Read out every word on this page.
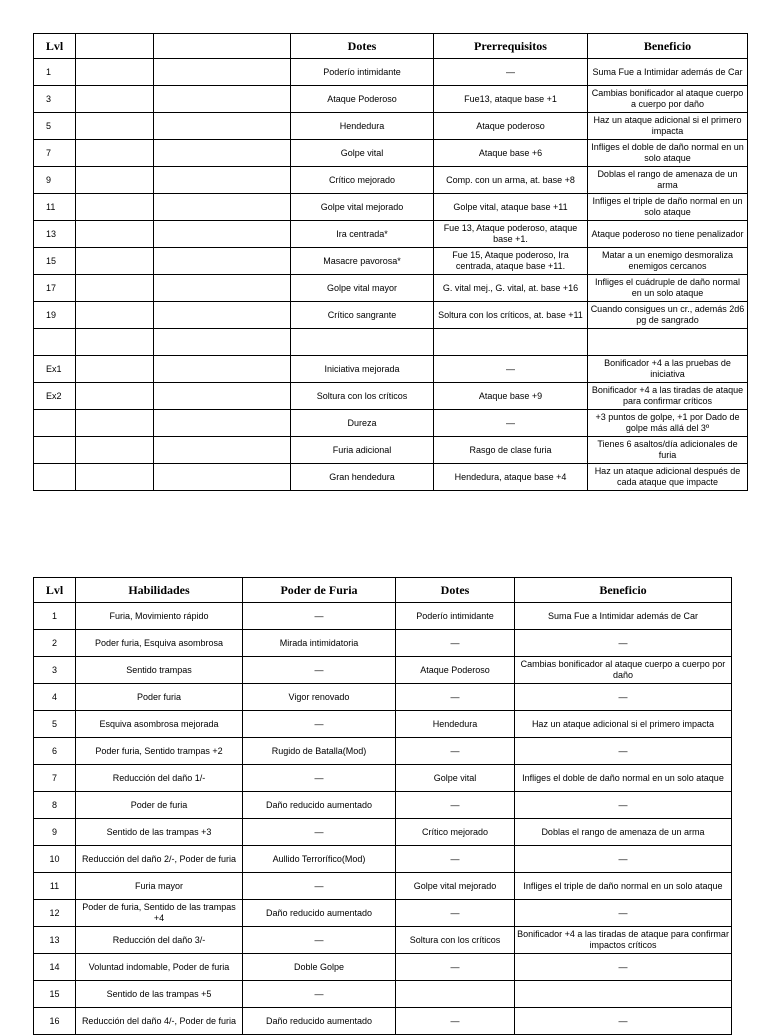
Lvl			Dotes	Prerrequisitos	Beneficio
1			Poderío intimidante	—	Suma Fue a Intimidar además de Car
3			Ataque Poderoso	Fue13, ataque base +1	Cambias bonificador al ataque cuerpo a cuerpo por daño
5			Hendedura	Ataque poderoso	Haz un ataque adicional si el primero impacta
7			Golpe vital	Ataque base +6	Infliges el doble de daño normal en un solo ataque
9			Crítico mejorado	Comp. con un arma, at. base +8	Doblas el rango de amenaza de un arma
11			Golpe vital mejorado	Golpe vital, ataque base +11	Infliges el triple de daño normal en un solo ataque
13			Ira centrada*	Fue 13, Ataque poderoso, ataque base +1.	Ataque poderoso no tiene penalizador
15			Masacre pavorosa*	Fue 15, Ataque poderoso, Ira centrada, ataque base +11.	Matar a un enemigo desmoraliza enemigos cercanos
17			Golpe vital mayor	G. vital mej., G. vital, at. base +16	Infliges el cuádruple de daño normal en un solo ataque
19			Crítico sangrante	Soltura con los críticos, at. base +11	Cuando consigues un cr., además 2d6 pg de sangrado

Ex1			Iniciativa mejorada	—	Bonificador +4 a las pruebas de iniciativa
Ex2			Soltura con los críticos	Ataque base +9	Bonificador +4 a las tiradas de ataque para confirmar críticos
			Dureza	—	+3 puntos de golpe, +1 por Dado de golpe más allá del 3º
			Furia adicional	Rasgo de clase furia	Tienes 6 asaltos/día adicionales de furia
			Gran hendedura	Hendedura, ataque base +4	Haz un ataque adicional después de cada ataque que impacte
Lvl	Habilidades	Poder de Furia	Dotes	Beneficio
1	Furia, Movimiento rápido	—	Poderío intimidante	Suma Fue a Intimidar además de Car
2	Poder furia, Esquiva asombrosa	Mirada intimidatoria	—	—
3	Sentido trampas	—	Ataque Poderoso	Cambias bonificador al ataque cuerpo a cuerpo por daño
4	Poder furia	Vigor renovado	—	—
5	Esquiva asombrosa mejorada	—	Hendedura	Haz un ataque adicional si el primero impacta
6	Poder furia, Sentido trampas +2	Rugido de Batalla(Mod)	—	—
7	Reducción del daño 1/-	—	Golpe vital	Infliges el doble de daño normal en un solo ataque
8	Poder de furia	Daño reducido aumentado	—	—
9	Sentido de las trampas +3	—	Crítico mejorado	Doblas el rango de amenaza de un arma
10	Reducción del daño 2/-, Poder de furia	Aullido Terrorífico(Mod)	—	—
11	Furia mayor	—	Golpe vital mejorado	Infliges el triple de daño normal en un solo ataque
12	Poder de furia, Sentido de las trampas +4	Daño reducido aumentado	—	—
13	Reducción del daño 3/-	—	Soltura con los críticos	Bonificador +4 a las tiradas de ataque para confirmar impactos críticos
14	Voluntad indomable, Poder de furia	Doble Golpe	—	—
15	Sentido de las trampas +5	—		
16	Reducción del daño 4/-, Poder de furia	Daño reducido aumentado	—	—
